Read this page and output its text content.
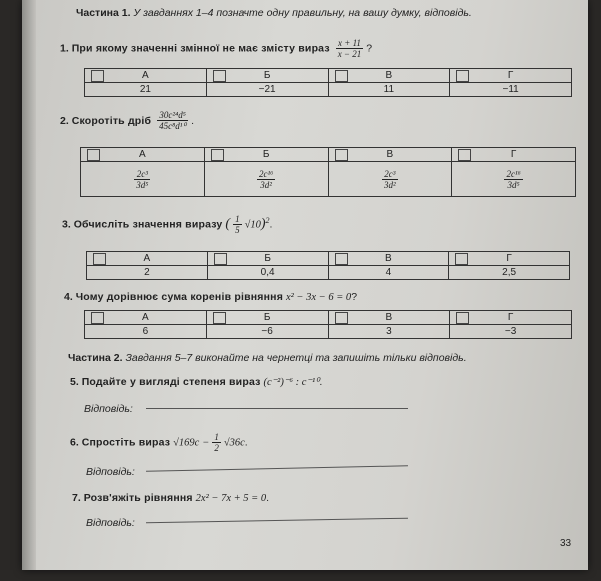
Частина 1. У завданнях 1–4 позначте одну правильну, на вашу думку, відповідь.
1. При якому значенні змінної не має змісту вираз $\frac{x + 11}{x - 21}$ ?
А	Б	В	Г
21	−21	11	−11
2. Скоротіть дріб $\frac{\text{30c²⁴d⁵}}{\text{45c⁸d¹⁰}}$ .
А	Б	В	Г

$\frac{\text{2c³}}{\text{3d⁵}}$	$\frac{\text{2c¹⁶}}{\text{3d²}}$	$\frac{\text{2c³}}{\text{3d²}}$	$\frac{\text{2c¹⁶}}{\text{3d⁵}}$
3. Обчисліть значення виразу ( $\frac{1}{5} √10)^2$.
А	Б	В	Г
2	0,4	4	2,5
4. Чому дорівнює сума коренів рівняння x² − 3x − 6 = 0?
А	Б	В	Г
6	−6	3	−3
Частина 2. Завдання 5–7 виконайте на чернетці та запишіть тільки відповідь.
5. Подайте у вигляді степеня вираз (c⁻²)⁻⁶ : c⁻¹⁰.
Відповідь:
6. Спростіть вираз $√169c - \frac{1}{2} √36c$.
Відповідь:
7. Розв'яжіть рівняння 2x² − 7x + 5 = 0.
Відповідь:
33
